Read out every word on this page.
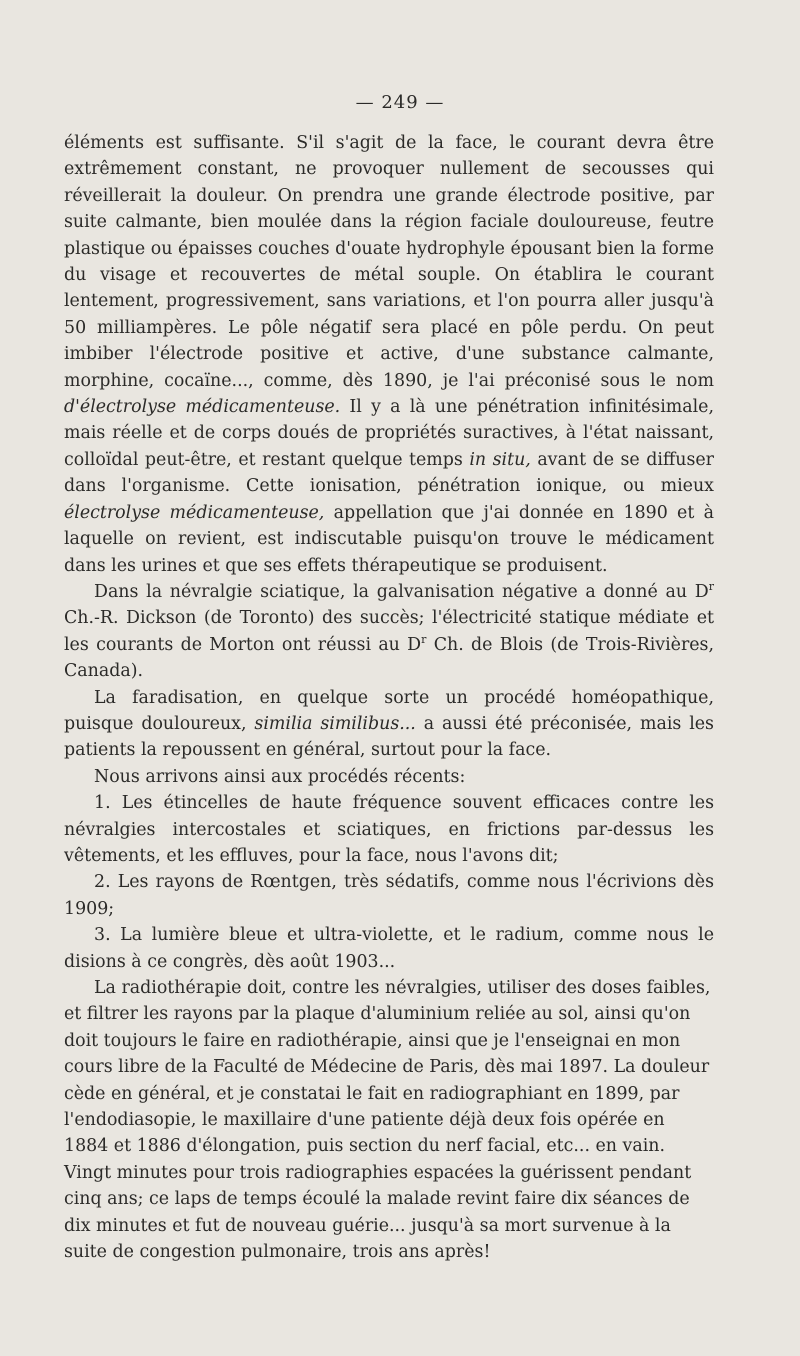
— 249 —

éléments est suffisante. S'il s'agit de la face, le courant devra être extrêmement constant, ne provoquer nullement de secousses qui réveillerait la douleur. On prendra une grande électrode positive, par suite calmante, bien moulée dans la région faciale douloureuse, feutre plastique ou épaisses couches d'ouate hydrophyle épousant bien la forme du visage et recouvertes de métal souple. On établira le courant lentement, progressivement, sans variations, et l'on pourra aller jusqu'à 50 milliampères. Le pôle négatif sera placé en pôle perdu. On peut imbiber l'électrode positive et active, d'une substance calmante, morphine, cocaïne..., comme, dès 1890, je l'ai préconisé sous le nom d'électrolyse médicamenteuse. Il y a là une pénétration infinitésimale, mais réelle et de corps doués de propriétés suractives, à l'état naissant, colloïdal peut-être, et restant quelque temps in situ, avant de se diffuser dans l'organisme. Cette ionisation, pénétration ionique, ou mieux électrolyse médicamenteuse, appellation que j'ai donnée en 1890 et à laquelle on revient, est indiscutable puisqu'on trouve le médicament dans les urines et que ses effets thérapeutique se produisent.

Dans la névralgie sciatique, la galvanisation négative a donné au $D^r$ Ch.-R. Dickson (de Toronto) des succès; l'électricité statique médiate et les courants de Morton ont réussi au $D^r$ Ch. de Blois (de Trois-Rivières, Canada).

La faradisation, en quelque sorte un procédé homéopathique, puisque douloureux, similia similibus... a aussi été préconisée, mais les patients la repoussent en général, surtout pour la face.

Nous arrivons ainsi aux procédés récents:

1. Les étincelles de haute fréquence souvent efficaces contre les névralgies intercostales et sciatiques, en frictions par-dessus les vêtements, et les effluves, pour la face, nous l'avons dit;

2. Les rayons de Rœntgen, très sédatifs, comme nous l'écrivions dès 1909;

3. La lumière bleue et ultra-violette, et le radium, comme nous le disions à ce congrès, dès août 1903...

La radiothérapie doit, contre les névralgies, utiliser des doses faibles, et filtrer les rayons par la plaque d'aluminium reliée au sol, ainsi qu'on doit toujours le faire en radiothérapie, ainsi que je l'enseignai en mon cours libre de la Faculté de Médecine de Paris, dès mai 1897. La douleur cède en général, et je constatai le fait en radiographiant en 1899, par l'endodiasopie, le maxillaire d'une patiente déjà deux fois opérée en 1884 et 1886 d'élongation, puis section du nerf facial, etc... en vain. Vingt minutes pour trois radiographies espacées la guérissent pendant cinq ans; ce laps de temps écoulé la malade revint faire dix séances de dix minutes et fut de nouveau guérie... jusqu'à sa mort survenue à la suite de congestion pulmonaire, trois ans après!
